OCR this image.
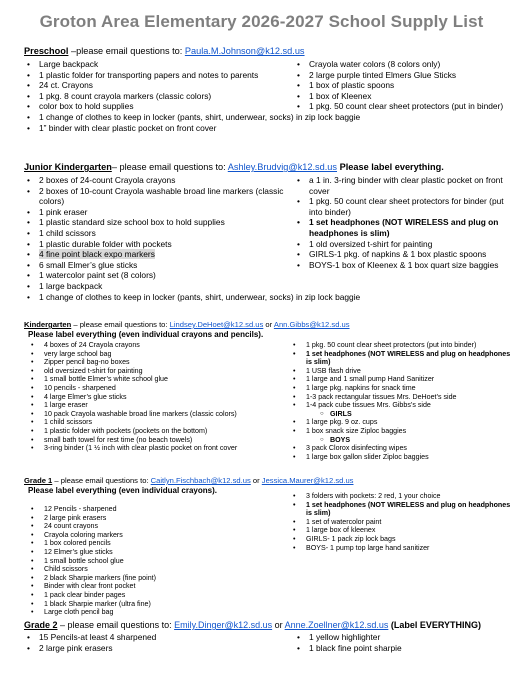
Groton Area Elementary 2026-2027 School Supply List
Preschool –please email questions to: Paula.M.Johnson@k12.sd.us
• Large backpack
• 1 plastic folder for transporting papers and notes to parents
• 24 ct. Crayons
• 1 pkg. 8 count crayola markers (classic colors)
• color box to hold supplies
• 1 change of clothes to keep in locker (pants, shirt, underwear, socks) in zip lock baggie
• 1” binder with clear plastic pocket on front cover
• Crayola water colors (8 colors only)
• 2 large purple tinted Elmers Glue Sticks
• 1 box of plastic spoons
• 1 box of Kleenex
• 1 pkg. 50 count clear sheet protectors (put in binder)
Junior Kindergarten– please email questions to: Ashley.Brudvig@k12.sd.us Please label everything.
• 2 boxes of 24-count Crayola crayons
• 2 boxes of 10-count Crayola washable broad line markers (classic colors)
• 1 pink eraser
• 1 plastic standard size school box to hold supplies
• 1 child scissors
• 1 plastic durable folder with pockets
• 4 fine point black expo markers
• 6 small Elmer’s glue sticks
• 1 watercolor paint set (8 colors)
• 1 large backpack
• 1 change of clothes to keep in locker (pants, shirt, underwear, socks) in zip lock baggie
• a 1 in. 3-ring binder with clear plastic pocket on front cover
• 1 pkg. 50 count clear sheet protectors for binder (put into binder)
• 1 set headphones (NOT WIRELESS and plug on headphones is slim)
• 1 old oversized t-shirt for painting
• GIRLS-1 pkg. of napkins & 1 box plastic spoons
• BOYS-1 box of Kleenex & 1 box quart size baggies
Kindergarten – please email questions to: Lindsey.DeHoet@k12.sd.us or Ann.Gibbs@k12.sd.us
Please label everything (even individual crayons and pencils).
• 4 boxes of 24 Crayola crayons
• very large school bag
• Zipper pencil bag-no boxes
• old oversized t-shirt for painting
• 1 small bottle Elmer’s white school glue
• 10 pencils - sharpened
• 4 large Elmer’s glue sticks
• 1 large eraser
• 10 pack Crayola washable broad line markers (classic colors)
• 1 child scissors
• 1 plastic folder with pockets (pockets on the bottom)
• small bath towel for rest time (no beach towels)
• 3-ring binder (1 ½ inch with clear plastic pocket on front cover
• 1 pkg. 50 count clear sheet protectors (put into binder)
• 1 set headphones (NOT WIRELESS and plug on headphones is slim)
• 1 USB flash drive
• 1 large and 1 small pump Hand Sanitizer
• 1 large pkg. napkins for snack time
• 1-3 pack rectangular tissues Mrs. DeHoet’s side
• 1-4 pack cube tissues Mrs. Gibbs’s side
○ GIRLS
• 1 large pkg. 9 oz. cups
• 1 box snack size Ziploc baggies
○ BOYS
• 3 pack Clorox disinfecting wipes
• 1 large box gallon slider Ziploc baggies
Grade 1 – please email questions to: Caitlyn.Fischbach@k12.sd.us or Jessica.Maurer@k12.sd.us
Please label everything (even individual crayons).
• 12 Pencils - sharpened
• 2 large pink erasers
• 24 count crayons
• Crayola coloring markers
• 1 box colored pencils
• 12 Elmer’s glue sticks
• 1 small bottle school glue
• Child scissors
• 2 black Sharpie markers (fine point)
• Binder with clear front pocket
• 1 pack clear binder pages
• 1 black Sharpie marker (ultra fine)
• Large cloth pencil bag
• 3 folders with pockets: 2 red, 1 your choice
• 1 set headphones (NOT WIRELESS and plug on headphones is slim)
• 1 set of watercolor paint
• 1 large box of kleenex
• GIRLS- 1 pack zip lock bags
• BOYS- 1 pump top large hand sanitizer
Grade 2 – please email questions to: Emily.Dinger@k12.sd.us or Anne.Zoellner@k12.sd.us (Label EVERYTHING)
• 15 Pencils-at least 4 sharpened
• 2 large pink erasers
• 1 yellow highlighter
• 1 black fine point sharpie
